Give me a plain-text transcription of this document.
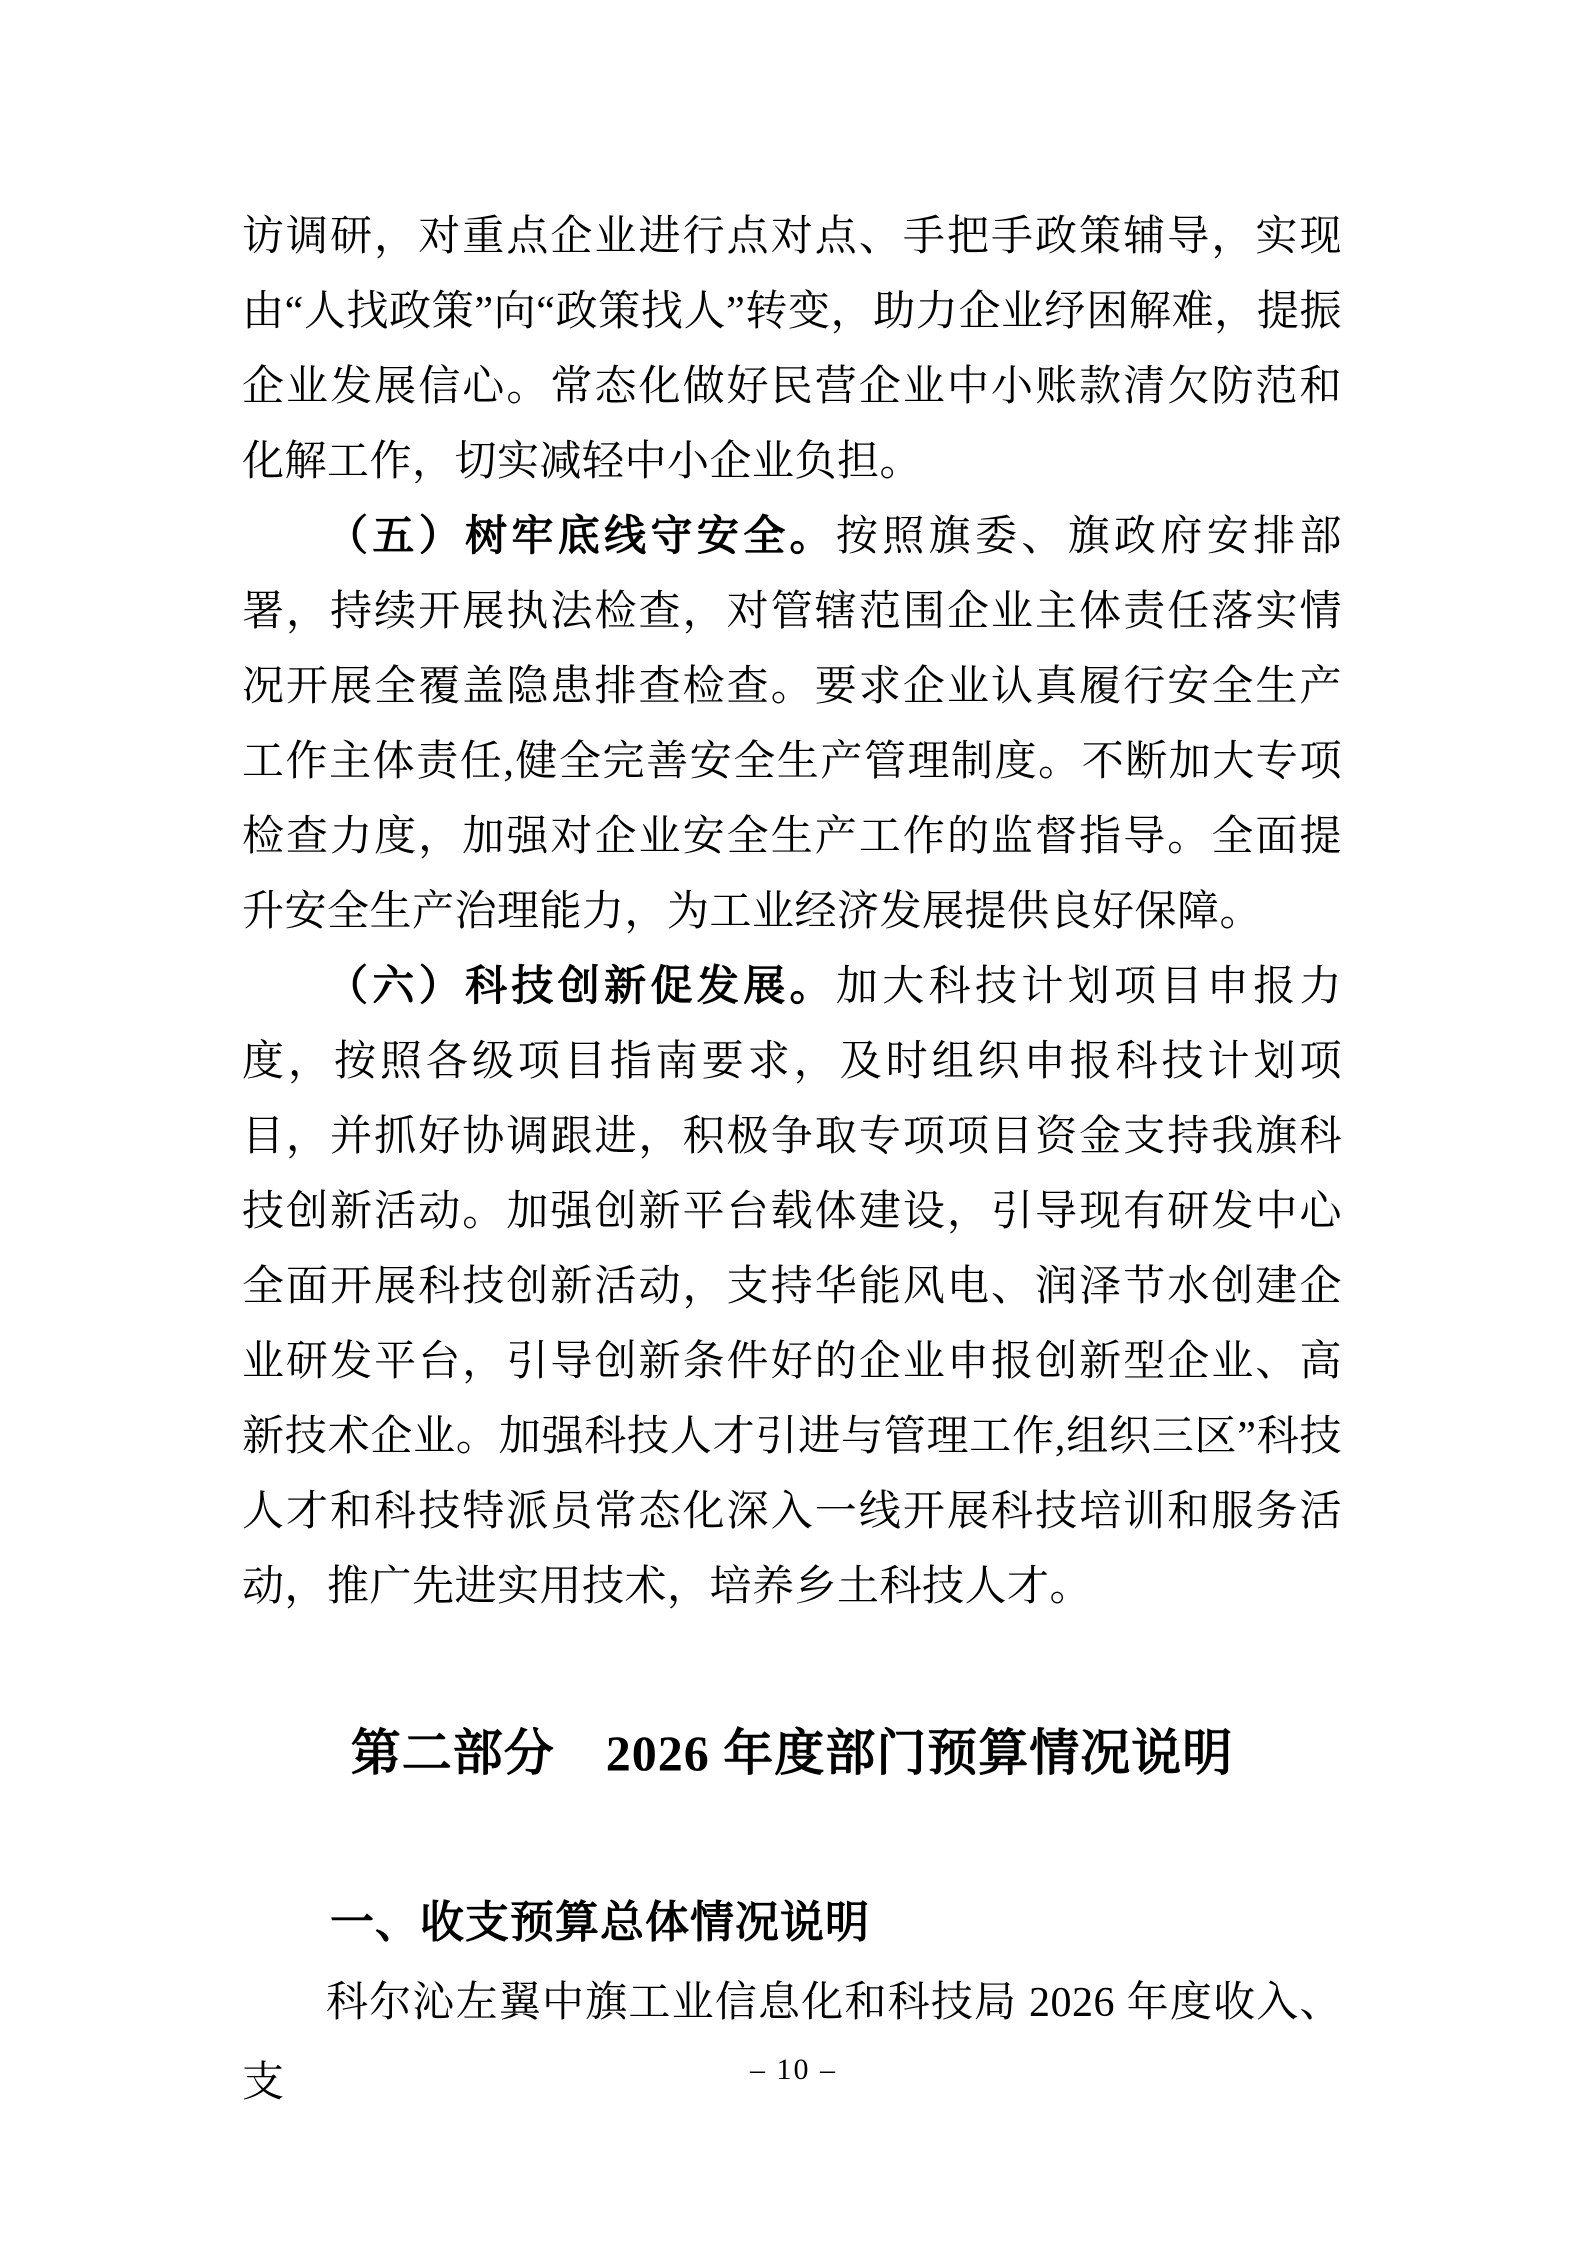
访调研，对重点企业进行点对点、手把手政策辅导，实现由“人找政策”向“政策找人”转变，助力企业纾困解难，提振企业发展信心。常态化做好民营企业中小账款清欠防范和化解工作，切实减轻中小企业负担。

（五）树牢底线守安全。按照旗委、旗政府安排部署，持续开展执法检查，对管辖范围企业主体责任落实情况开展全覆盖隐患排查检查。要求企业认真履行安全生产工作主体责任,健全完善安全生产管理制度。不断加大专项检查力度，加强对企业安全生产工作的监督指导。全面提升安全生产治理能力，为工业经济发展提供良好保障。

（六）科技创新促发展。加大科技计划项目申报力度，按照各级项目指南要求，及时组织申报科技计划项目，并抓好协调跟进，积极争取专项项目资金支持我旗科技创新活动。加强创新平台载体建设，引导现有研发中心全面开展科技创新活动，支持华能风电、润泽节水创建企业研发平台，引导创新条件好的企业申报创新型企业、高新技术企业。加强科技人才引进与管理工作,组织三区”科技人才和科技特派员常态化深入一线开展科技培训和服务活动，推广先进实用技术，培养乡土科技人才。

第二部分　2026 年度部门预算情况说明
一、收支预算总体情况说明

科尔沁左翼中旗工业信息化和科技局 2026 年度收入、支	– 10 –
